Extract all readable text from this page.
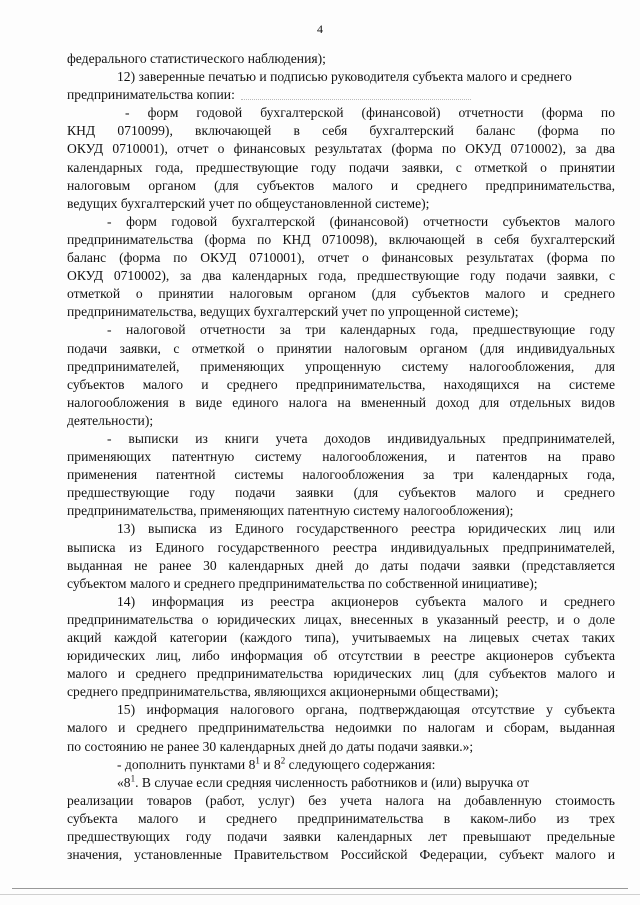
4
федерального статистического наблюдения);
12) заверенные печатью и подписью руководителя субъекта малого и среднего
предпринимательства копии:
- форм годовой бухгалтерской (финансовой) отчетности (форма по
КНД 0710099), включающей в себя бухгалтерский баланс (форма по
ОКУД 0710001), отчет о финансовых результатах (форма по ОКУД 0710002), за два
календарных года, предшествующие году подачи заявки, с отметкой о принятии
налоговым органом (для субъектов малого и среднего предпринимательства,
ведущих бухгалтерский учет по общеустановленной системе);
- форм годовой бухгалтерской (финансовой) отчетности субъектов малого
предпринимательства (форма по КНД 0710098), включающей в себя бухгалтерский
баланс (форма по ОКУД 0710001), отчет о финансовых результатах (форма по
ОКУД 0710002), за два календарных года, предшествующие году подачи заявки, с
отметкой о принятии налоговым органом (для субъектов малого и среднего
предпринимательства, ведущих бухгалтерский учет по упрощенной системе);
- налоговой отчетности за три календарных года, предшествующие году
подачи заявки, с отметкой о принятии налоговым органом (для индивидуальных
предпринимателей, применяющих упрощенную систему налогообложения, для
субъектов малого и среднего предпринимательства, находящихся на системе
налогообложения в виде единого налога на вмененный доход для отдельных видов
деятельности);
- выписки из книги учета доходов индивидуальных предпринимателей,
применяющих патентную систему налогообложения, и патентов на право
применения патентной системы налогообложения за три календарных года,
предшествующие году подачи заявки (для субъектов малого и среднего
предпринимательства, применяющих патентную систему налогообложения);
13) выписка из Единого государственного реестра юридических лиц или
выписка из Единого государственного реестра индивидуальных предпринимателей,
выданная не ранее 30 календарных дней до даты подачи заявки (представляется
субъектом малого и среднего предпринимательства по собственной инициативе);
14) информация из реестра акционеров субъекта малого и среднего
предпринимательства о юридических лицах, внесенных в указанный реестр, и о доле
акций каждой категории (каждого типа), учитываемых на лицевых счетах таких
юридических лиц, либо информация об отсутствии в реестре акционеров субъекта
малого и среднего предпринимательства юридических лиц (для субъектов малого и
среднего предпринимательства, являющихся акционерными обществами);
15) информация налогового органа, подтверждающая отсутствие у субъекта
малого и среднего предпринимательства недоимки по налогам и сборам, выданная
по состоянию не ранее 30 календарных дней до даты подачи заявки.»;
- дополнить пунктами $8^1$ и $8^2$ следующего содержания:
«$8^1$. В случае если средняя численность работников и (или) выручка от
реализации товаров (работ, услуг) без учета налога на добавленную стоимость
субъекта малого и среднего предпринимательства в каком-либо из трех
предшествующих году подачи заявки календарных лет превышают предельные
значения, установленные Правительством Российской Федерации, субъект малого и
